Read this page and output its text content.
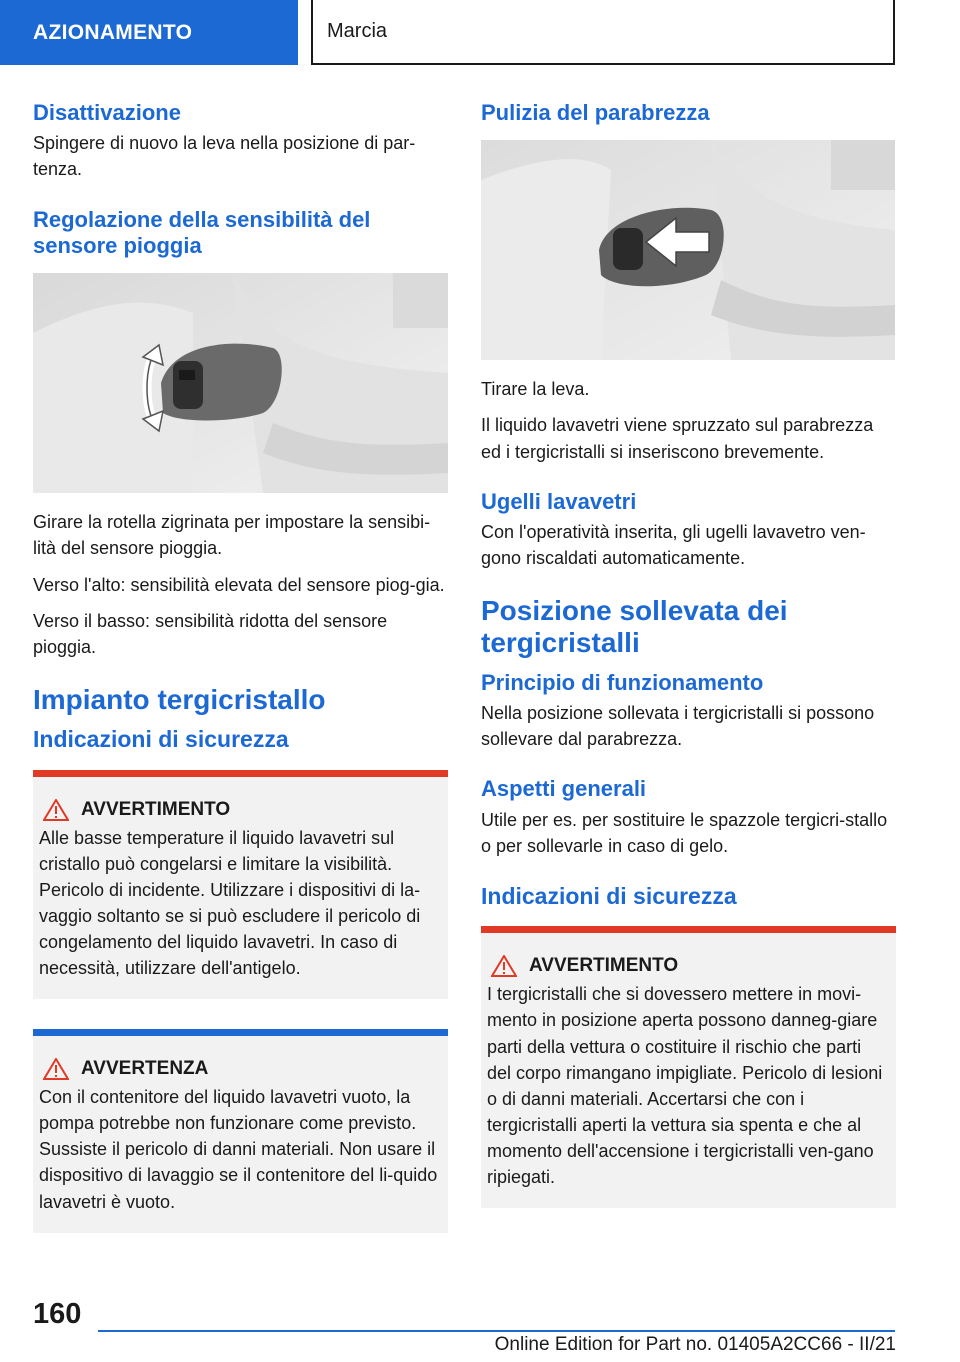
AZIONAMENTO	Marcia
Disattivazione

Spingere di nuovo la leva nella posizione di par-tenza.

Regolazione della sensibilità del sensore pioggia

Girare la rotella zigrinata per impostare la sensibi-lità del sensore pioggia.

Verso l'alto: sensibilità elevata del sensore piog-gia.

Verso il basso: sensibilità ridotta del sensore pioggia.

Impianto tergicristallo
Indicazioni di sicurezza
AVVERTIMENTO

Alle basse temperature il liquido lavavetri sul cristallo può congelarsi e limitare la visibilità. Pericolo di incidente. Utilizzare i dispositivi di la-vaggio soltanto se si può escludere il pericolo di congelamento del liquido lavavetri. In caso di necessità, utilizzare dell'antigelo.

AVVERTENZA

Con il contenitore del liquido lavavetri vuoto, la pompa potrebbe non funzionare come previsto. Sussiste il pericolo di danni materiali. Non usare il dispositivo di lavaggio se il contenitore del li-quido lavavetri è vuoto.

Pulizia del parabrezza

Tirare la leva.

Il liquido lavavetri viene spruzzato sul parabrezza ed i tergicristalli si inseriscono brevemente.

Ugelli lavavetri

Con l'operatività inserita, gli ugelli lavavetro ven-gono riscaldati automaticamente.

Posizione sollevata dei tergicristalli
Principio di funzionamento

Nella posizione sollevata i tergicristalli si possono sollevare dal parabrezza.

Aspetti generali

Utile per es. per sostituire le spazzole tergicri-stallo o per sollevarle in caso di gelo.

Indicazioni di sicurezza
AVVERTIMENTO

I tergicristalli che si dovessero mettere in movi-mento in posizione aperta possono danneg-giare parti della vettura o costituire il rischio che parti del corpo rimangano impigliate. Pericolo di lesioni o di danni materiali. Accertarsi che con i tergicristalli aperti la vettura sia spenta e che al momento dell'accensione i tergicristalli ven-gano ripiegati.

160
Online Edition for Part no. 01405A2CC66 - II/21
